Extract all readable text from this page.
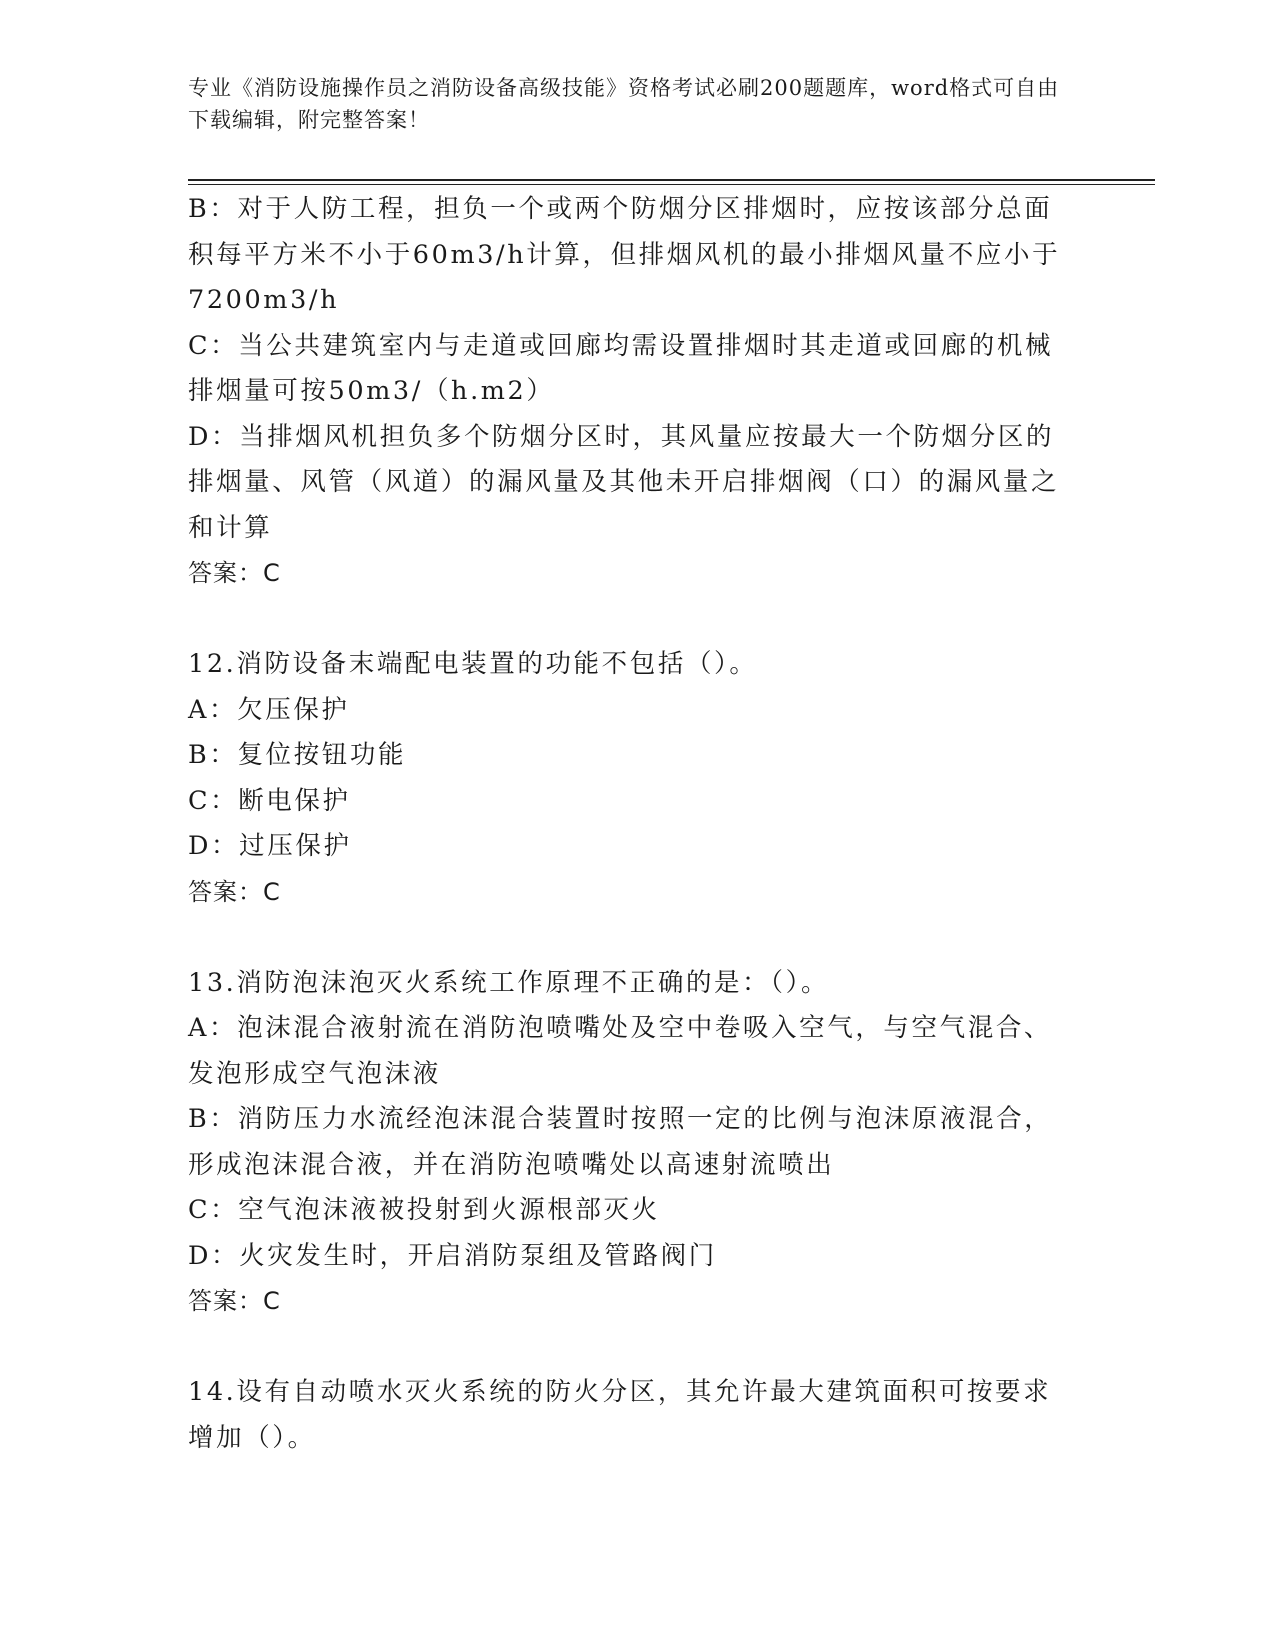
专业《消防设施操作员之消防设备高级技能》资格考试必刷200题题库，word格式可自由下载编辑，附完整答案！
B：对于人防工程，担负一个或两个防烟分区排烟时，应按该部分总面积每平方米不小于60m3/h计算，但排烟风机的最小排烟风量不应小于7200m3/h
C：当公共建筑室内与走道或回廊均需设置排烟时其走道或回廊的机械排烟量可按50m3/（h.m2）
D：当排烟风机担负多个防烟分区时，其风量应按最大一个防烟分区的排烟量、风管（风道）的漏风量及其他未开启排烟阀（口）的漏风量之和计算
答案：C
12.消防设备末端配电装置的功能不包括（）。
A：欠压保护
B：复位按钮功能
C：断电保护
D：过压保护
答案：C
13.消防泡沫泡灭火系统工作原理不正确的是：（）。
A：泡沫混合液射流在消防泡喷嘴处及空中卷吸入空气，与空气混合、发泡形成空气泡沫液
B：消防压力水流经泡沫混合装置时按照一定的比例与泡沫原液混合，形成泡沫混合液，并在消防泡喷嘴处以高速射流喷出
C：空气泡沫液被投射到火源根部灭火
D：火灾发生时，开启消防泵组及管路阀门
答案：C
14.设有自动喷水灭火系统的防火分区，其允许最大建筑面积可按要求增加（）。
